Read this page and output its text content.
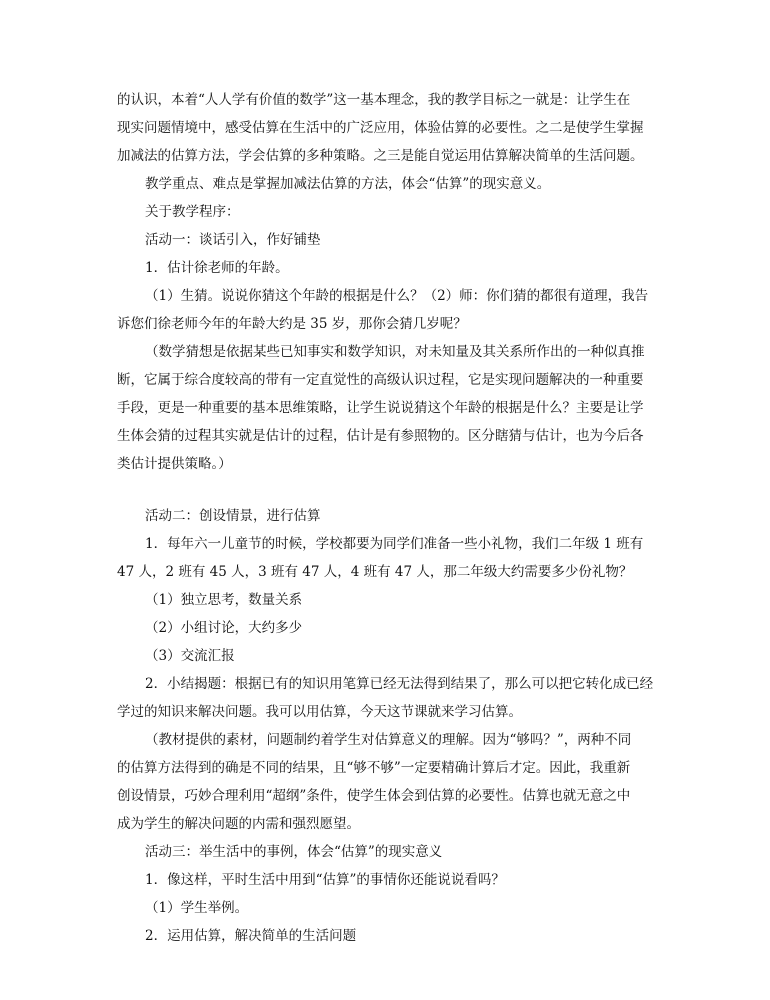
的认识，本着“人人学有价值的数学”这一基本理念，我的教学目标之一就是：让学生在
现实问题情境中，感受估算在生活中的广泛应用，体验估算的必要性。之二是使学生掌握
加减法的估算方法，学会估算的多种策略。之三是能自觉运用估算解决简单的生活问题。
教学重点、难点是掌握加减法估算的方法，体会“估算”的现实意义。
关于教学程序：
活动一：谈话引入，作好铺垫
1．估计徐老师的年龄。
（1）生猜。说说你猜这个年龄的根据是什么？（2）师：你们猜的都很有道理，我告
诉您们徐老师今年的年龄大约是 35 岁，那你会猜几岁呢？
（数学猜想是依据某些已知事实和数学知识，对未知量及其关系所作出的一种似真推
断，它属于综合度较高的带有一定直觉性的高级认识过程，它是实现问题解决的一种重要
手段，更是一种重要的基本思维策略，让学生说说猜这个年龄的根据是什么？主要是让学
生体会猜的过程其实就是估计的过程，估计是有参照物的。区分瞎猜与估计，也为今后各
类估计提供策略。）
活动二：创设情景，进行估算
1．每年六一儿童节的时候，学校都要为同学们准备一些小礼物，我们二年级 1 班有
47 人，2 班有 45 人，3 班有 47 人，4 班有 47 人，那二年级大约需要多少份礼物？
（1）独立思考，数量关系
（2）小组讨论，大约多少
（3）交流汇报
2．小结揭题：根据已有的知识用笔算已经无法得到结果了，那么可以把它转化成已经
学过的知识来解决问题。我可以用估算，今天这节课就来学习估算。
（教材提供的素材，问题制约着学生对估算意义的理解。因为“够吗？”，两种不同
的估算方法得到的确是不同的结果，且“够不够”一定要精确计算后才定。因此，我重新
创设情景，巧妙合理利用“超纲”条件，使学生体会到估算的必要性。估算也就无意之中
成为学生的解决问题的内需和强烈愿望。
活动三：举生活中的事例，体会“估算”的现实意义
1．像这样，平时生活中用到“估算”的事情你还能说说看吗？
（1）学生举例。
2．运用估算，解决简单的生活问题
